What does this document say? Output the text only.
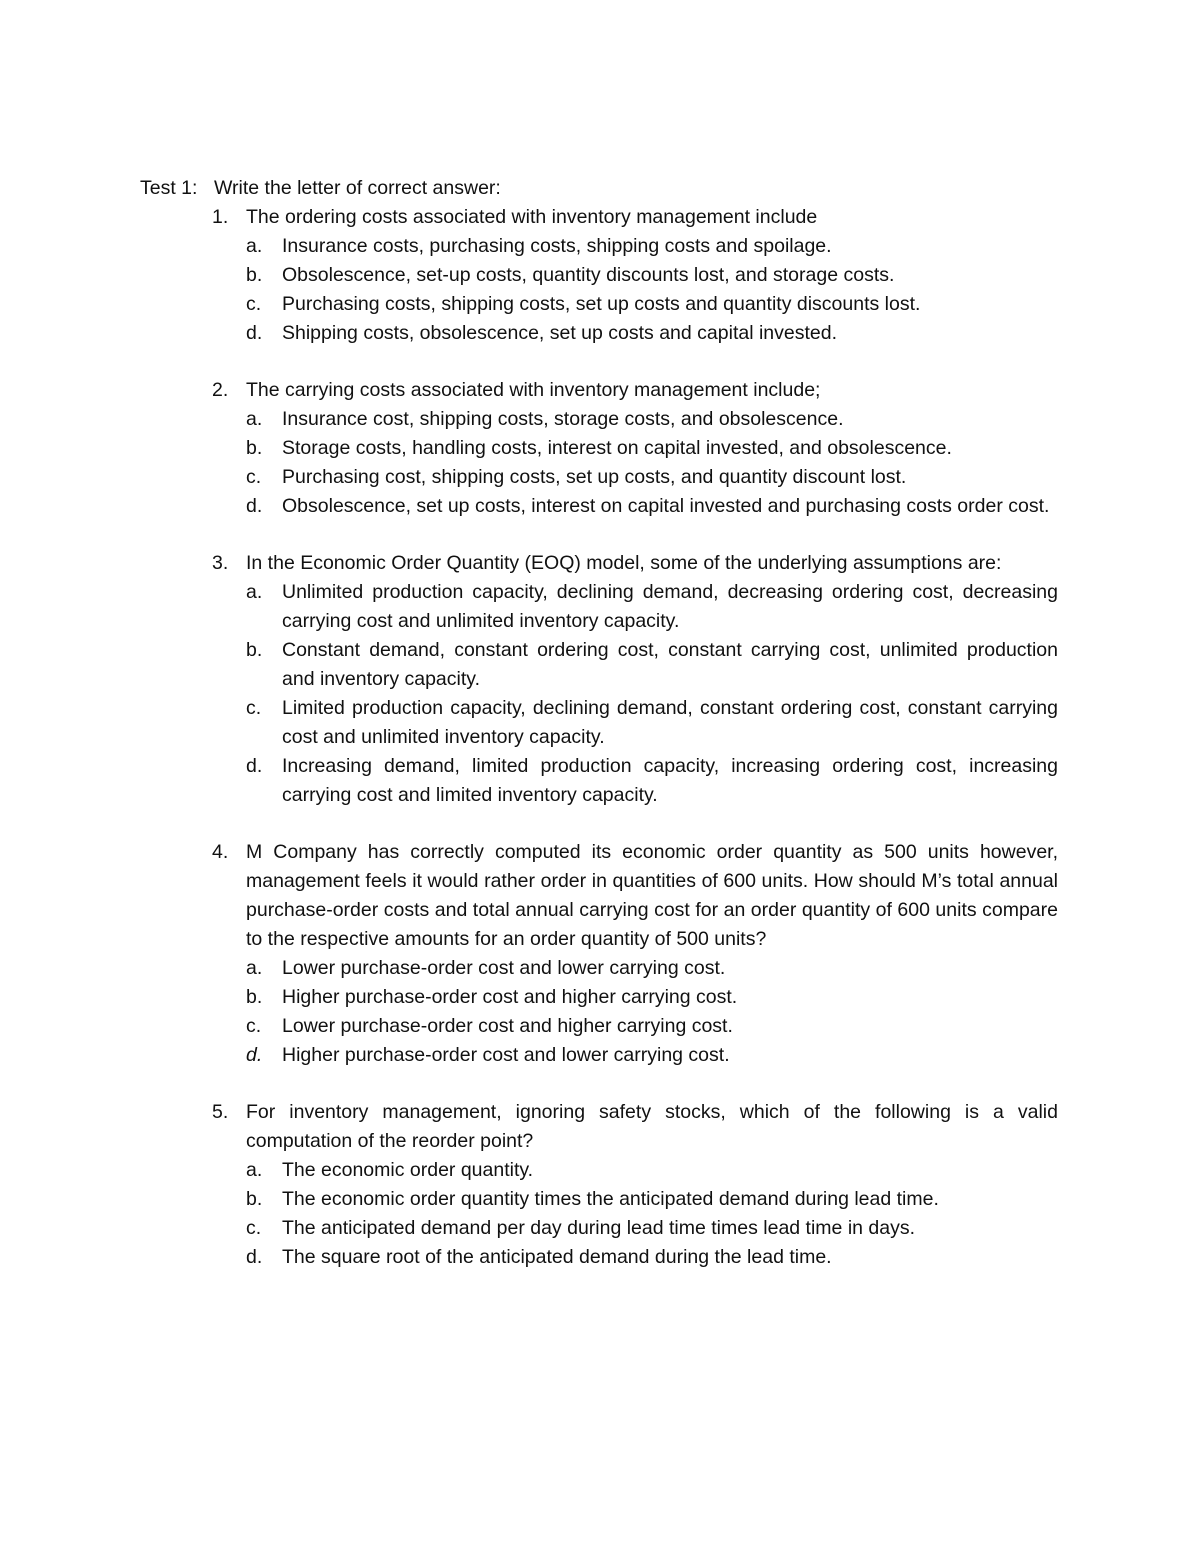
Test 1: Write the letter of correct answer:
1. The ordering costs associated with inventory management include
a. Insurance costs, purchasing costs, shipping costs and spoilage.
b. Obsolescence, set-up costs, quantity discounts lost, and storage costs.
c. Purchasing costs, shipping costs, set up costs and quantity discounts lost.
d. Shipping costs, obsolescence, set up costs and capital invested.
2. The carrying costs associated with inventory management include;
a. Insurance cost, shipping costs, storage costs, and obsolescence.
b. Storage costs, handling costs, interest on capital invested, and obsolescence.
c. Purchasing cost, shipping costs, set up costs, and quantity discount lost.
d. Obsolescence, set up costs, interest on capital invested and purchasing costs order cost.
3. In the Economic Order Quantity (EOQ) model, some of the underlying assumptions are:
a. Unlimited production capacity, declining demand, decreasing ordering cost, decreasing carrying cost and unlimited inventory capacity.
b. Constant demand, constant ordering cost, constant carrying cost, unlimited production and inventory capacity.
c. Limited production capacity, declining demand, constant ordering cost, constant carrying cost and unlimited inventory capacity.
d. Increasing demand, limited production capacity, increasing ordering cost, increasing carrying cost and limited inventory capacity.
4. M Company has correctly computed its economic order quantity as 500 units however, management feels it would rather order in quantities of 600 units. How should M’s total annual purchase-order costs and total annual carrying cost for an order quantity of 600 units compare to the respective amounts for an order quantity of 500 units?
a. Lower purchase-order cost and lower carrying cost.
b. Higher purchase-order cost and higher carrying cost.
c. Lower purchase-order cost and higher carrying cost.
d. Higher purchase-order cost and lower carrying cost.
5. For inventory management, ignoring safety stocks, which of the following is a valid computation of the reorder point?
a. The economic order quantity.
b. The economic order quantity times the anticipated demand during lead time.
c. The anticipated demand per day during lead time times lead time in days.
d. The square root of the anticipated demand during the lead time.
